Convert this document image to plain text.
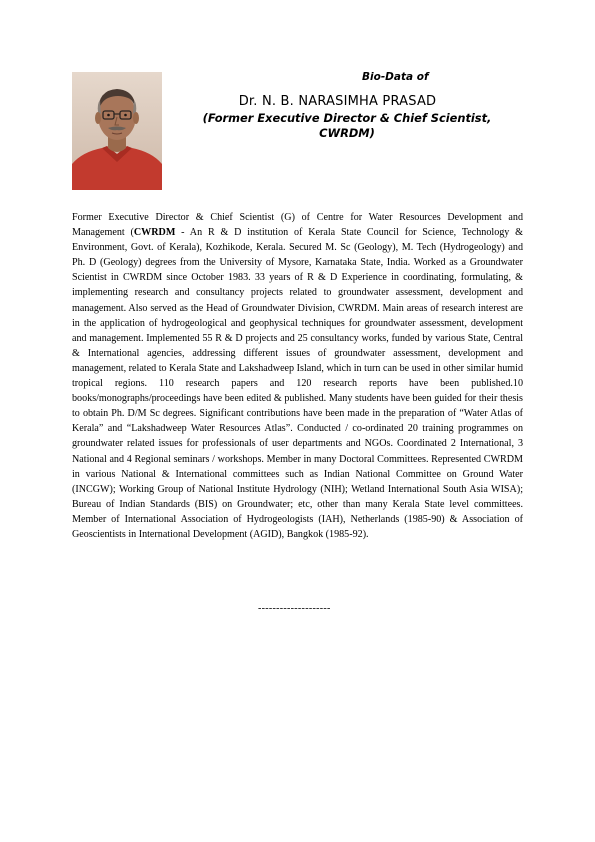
Bio-Data of
Dr. N. B. NARASIMHA PRASAD
(Former Executive Director & Chief Scientist, CWRDM)
Former Executive Director & Chief Scientist (G) of Centre for Water Resources Development and Management (CWRDM - An R & D institution of Kerala State Council for Science, Technology & Environment, Govt. of Kerala), Kozhikode, Kerala. Secured M. Sc (Geology), M. Tech (Hydrogeology) and Ph. D (Geology) degrees from the University of Mysore, Karnataka State, India. Worked as a Groundwater Scientist in CWRDM since October 1983. 33 years of R & D Experience in coordinating, formulating, & implementing research and consultancy projects related to groundwater assessment, development and management. Also served as the Head of Groundwater Division, CWRDM. Main areas of research interest are in the application of hydrogeological and geophysical techniques for groundwater assessment, development and management. Implemented 55 R & D projects and 25 consultancy works, funded by various State, Central & International agencies, addressing different issues of groundwater assessment, development and management, related to Kerala State and Lakshadweep Island, which in turn can be used in other similar humid tropical regions. 110 research papers and 120 research reports have been published.10 books/monographs/proceedings have been edited & published. Many students have been guided for their thesis to obtain Ph. D/M Sc degrees. Significant contributions have been made in the preparation of “Water Atlas of Kerala” and “Lakshadweep Water Resources Atlas”. Conducted / co-ordinated 20 training programmes on groundwater related issues for professionals of user departments and NGOs. Coordinated 2 International, 3 National and 4 Regional seminars / workshops. Member in many Doctoral Committees. Represented CWRDM in various National & International committees such as Indian National Committee on Ground Water (INCGW); Working Group of National Institute Hydrology (NIH); Wetland International South Asia WISA); Bureau of Indian Standards (BIS) on Groundwater; etc, other than many Kerala State level committees. Member of International Association of Hydrogeologists (IAH), Netherlands (1985-90) & Association of Geoscientists in International Development (AGID), Bangkok (1985-92).
--------------------
